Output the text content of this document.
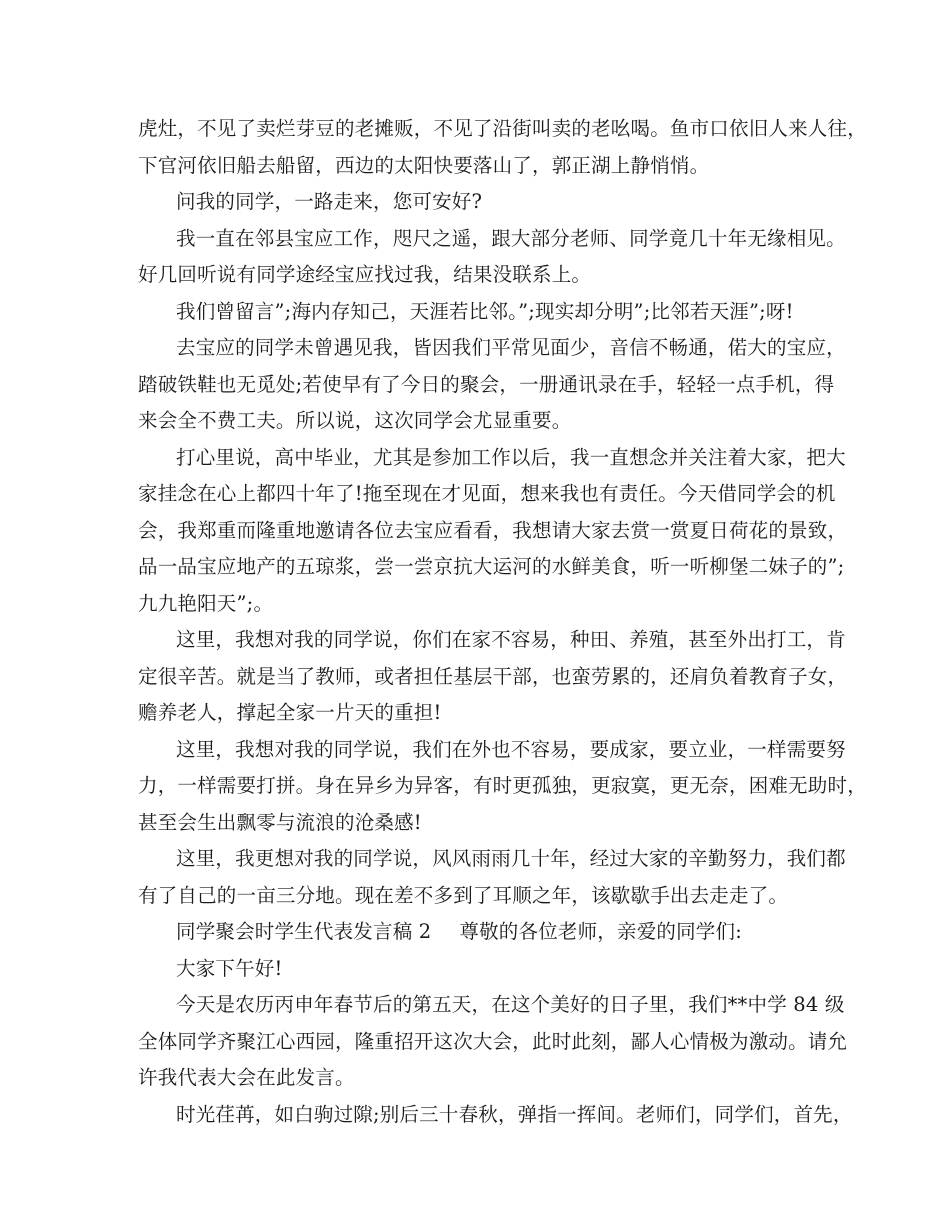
虎灶，不见了卖烂芽豆的老摊贩，不见了沿街叫卖的老吆喝。鱼市口依旧人来人往，
下官河依旧船去船留，西边的太阳快要落山了，郭正湖上静悄悄。
问我的同学，一路走来，您可安好?
我一直在邻县宝应工作，咫尺之遥，跟大部分老师、同学竟几十年无缘相见。
好几回听说有同学途经宝应找过我，结果没联系上。
我们曾留言”;海内存知己，天涯若比邻。”;现实却分明”;比邻若天涯”;呀!
去宝应的同学未曾遇见我，皆因我们平常见面少，音信不畅通，偌大的宝应，
踏破铁鞋也无觅处;若使早有了今日的聚会，一册通讯录在手，轻轻一点手机，得
来会全不费工夫。所以说，这次同学会尤显重要。
打心里说，高中毕业，尤其是参加工作以后，我一直想念并关注着大家，把大
家挂念在心上都四十年了!拖至现在才见面，想来我也有责任。今天借同学会的机
会，我郑重而隆重地邀请各位去宝应看看，我想请大家去赏一赏夏日荷花的景致，
品一品宝应地产的五琼浆，尝一尝京抗大运河的水鲜美食，听一听柳堡二妹子的”;
九九艳阳天”;。
这里，我想对我的同学说，你们在家不容易，种田、养殖，甚至外出打工，肯
定很辛苦。就是当了教师，或者担任基层干部，也蛮劳累的，还肩负着教育子女，
赡养老人，撑起全家一片天的重担!
这里，我想对我的同学说，我们在外也不容易，要成家，要立业，一样需要努
力，一样需要打拼。身在异乡为异客，有时更孤独，更寂寞，更无奈，困难无助时，
甚至会生出飘零与流浪的沧桑感!
这里，我更想对我的同学说，风风雨雨几十年，经过大家的辛勤努力，我们都
有了自己的一亩三分地。现在差不多到了耳顺之年，该歇歇手出去走走了。
同学聚会时学生代表发言稿 2 尊敬的各位老师，亲爱的同学们:
大家下午好!
今天是农历丙申年春节后的第五天，在这个美好的日子里，我们**中学 84 级
全体同学齐聚江心西园，隆重招开这次大会，此时此刻，鄙人心情极为激动。请允
许我代表大会在此发言。
时光荏苒，如白驹过隙;别后三十春秋，弹指一挥间。老师们，同学们，首先，
